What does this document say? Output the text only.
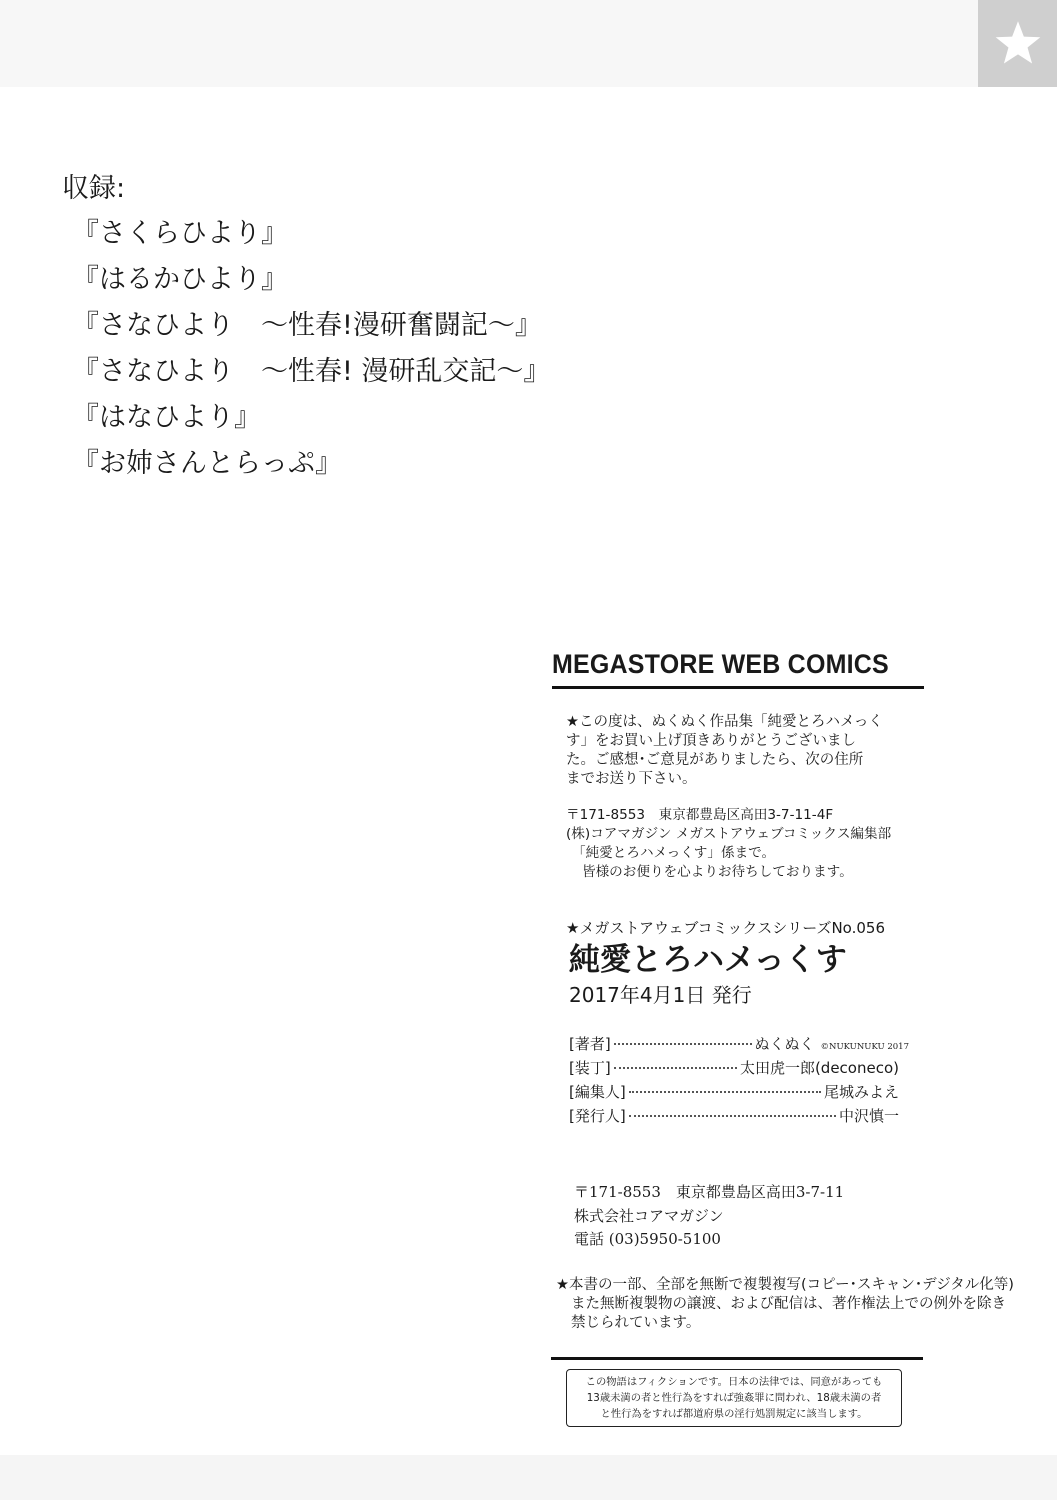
収録:
『さくらひより』
『はるかひより』
『さなひより　～性春!漫研奮闘記～』
『さなひより　～性春! 漫研乱交記～』
『はなひより』
『お姉さんとらっぷ』
MEGASTORE WEB COMICS
★この度は、ぬくぬく作品集「純愛とろハメっく
す」をお買い上げ頂きありがとうございまし
た。ご感想･ご意見がありましたら、次の住所
までお送り下さい。
〒171-8553　東京都豊島区高田3-7-11-4F
(株)コアマガジン メガストアウェブコミックス編集部
「純愛とろハメっくす」係まで。
皆様のお便りを心よりお待ちしております。
★メガストアウェブコミックスシリーズNo.056
純愛とろハメっくす
2017年4月1日 発行
[著者]	ぬくぬく ©NUKUNUKU 2017
[装丁]	太田虎一郎(deconeco)
[編集人]	尾城みよえ
[発行人]	中沢慎一
〒171-8553　東京都豊島区高田3-7-11
株式会社コアマガジン
電話 (03)5950-5100
★本書の一部、全部を無断で複製複写(コピー･スキャン･デジタル化等)
また無断複製物の譲渡、および配信は、著作権法上での例外を除き
禁じられています。
この物語はフィクションです。日本の法律では、同意があっても
13歳未満の者と性行為をすれば強姦罪に問われ、18歳未満の者
と性行為をすれば都道府県の淫行処罰規定に該当します。
